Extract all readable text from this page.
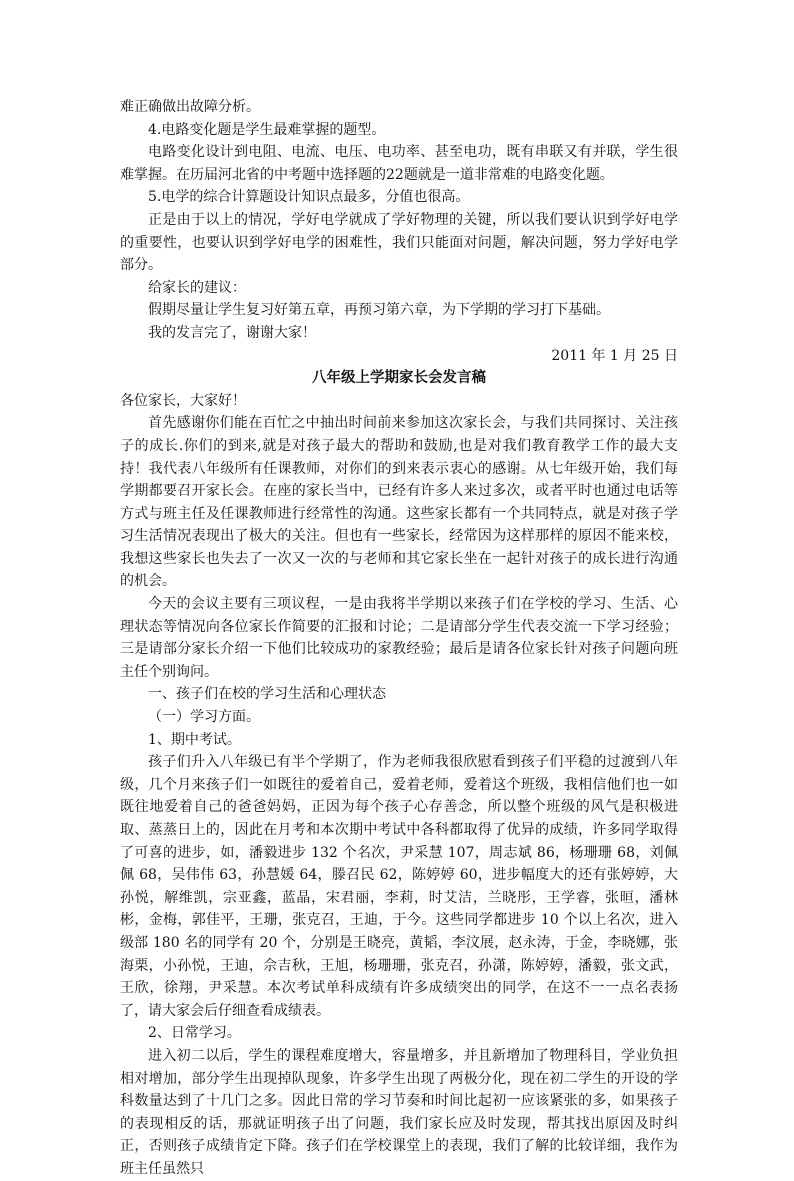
难正确做出故障分析。

4.电路变化题是学生最难掌握的题型。

电路变化设计到电阻、电流、电压、电功率、甚至电功，既有串联又有并联，学生很难掌握。在历届河北省的中考题中选择题的22题就是一道非常难的电路变化题。

5.电学的综合计算题设计知识点最多，分值也很高。

正是由于以上的情况，学好电学就成了学好物理的关键，所以我们要认识到学好电学的重要性，也要认识到学好电学的困难性，我们只能面对问题，解决问题，努力学好电学部分。

给家长的建议：

假期尽量让学生复习好第五章，再预习第六章，为下学期的学习打下基础。

我的发言完了，谢谢大家！

2011 年 1 月 25 日

八年级上学期家长会发言稿

各位家长，大家好！

首先感谢你们能在百忙之中抽出时间前来参加这次家长会，与我们共同探讨、关注孩子的成长.你们的到来,就是对孩子最大的帮助和鼓励,也是对我们教育教学工作的最大支持！我代表八年级所有任课教师，对你们的到来表示衷心的感谢。从七年级开始，我们每学期都要召开家长会。在座的家长当中，已经有许多人来过多次，或者平时也通过电话等方式与班主任及任课教师进行经常性的沟通。这些家长都有一个共同特点，就是对孩子学习生活情况表现出了极大的关注。但也有一些家长，经常因为这样那样的原因不能来校，我想这些家长也失去了一次又一次的与老师和其它家长坐在一起针对孩子的成长进行沟通的机会。

今天的会议主要有三项议程，一是由我将半学期以来孩子们在学校的学习、生活、心理状态等情况向各位家长作简要的汇报和讨论；二是请部分学生代表交流一下学习经验；三是请部分家长介绍一下他们比较成功的家教经验；最后是请各位家长针对孩子问题向班主任个别询问。

一、孩子们在校的学习生活和心理状态

（一）学习方面。

1、期中考试。

孩子们升入八年级已有半个学期了，作为老师我很欣慰看到孩子们平稳的过渡到八年级，几个月来孩子们一如既往的爱着自己，爱着老师，爱着这个班级，我相信他们也一如既往地爱着自己的爸爸妈妈，正因为每个孩子心存善念，所以整个班级的风气是积极进取、蒸蒸日上的，因此在月考和本次期中考试中各科都取得了优异的成绩，许多同学取得了可喜的进步，如，潘毅进步 132 个名次，尹采慧 107，周志斌 86，杨珊珊 68，刘佩佩 68，吴伟伟 63，孙慧媛 64，滕召民 62，陈婷婷 60，进步幅度大的还有张婷婷，大孙悦，解维凯，宗亚鑫，蓝晶，宋君丽，李莉，时艾洁，兰晓彤，王学睿，张晅，潘林彬，金梅，郭佳平，王珊，张克召，王迪，于今。这些同学都进步 10 个以上名次，进入级部 180 名的同学有 20 个，分别是王晓亮，黄韬，李汶展，赵永涛，于金，李晓娜，张海栗，小孙悦，王迪，佘吉秋，王旭，杨珊珊，张克召，孙潇，陈婷婷，潘毅，张文武，王欣，徐翔，尹采慧。本次考试单科成绩有许多成绩突出的同学，在这不一一点名表扬了，请大家会后仔细查看成绩表。

2、日常学习。

进入初二以后，学生的课程难度增大，容量增多，并且新增加了物理科目，学业负担相对增加，部分学生出现掉队现象，许多学生出现了两极分化，现在初二学生的开设的学科数量达到了十几门之多。因此日常的学习节奏和时间比起初一应该紧张的多，如果孩子的表现相反的话，那就证明孩子出了问题，我们家长应及时发现，帮其找出原因及时纠正，否则孩子成绩肯定下降。孩子们在学校课堂上的表现，我们了解的比较详细，我作为班主任虽然只
